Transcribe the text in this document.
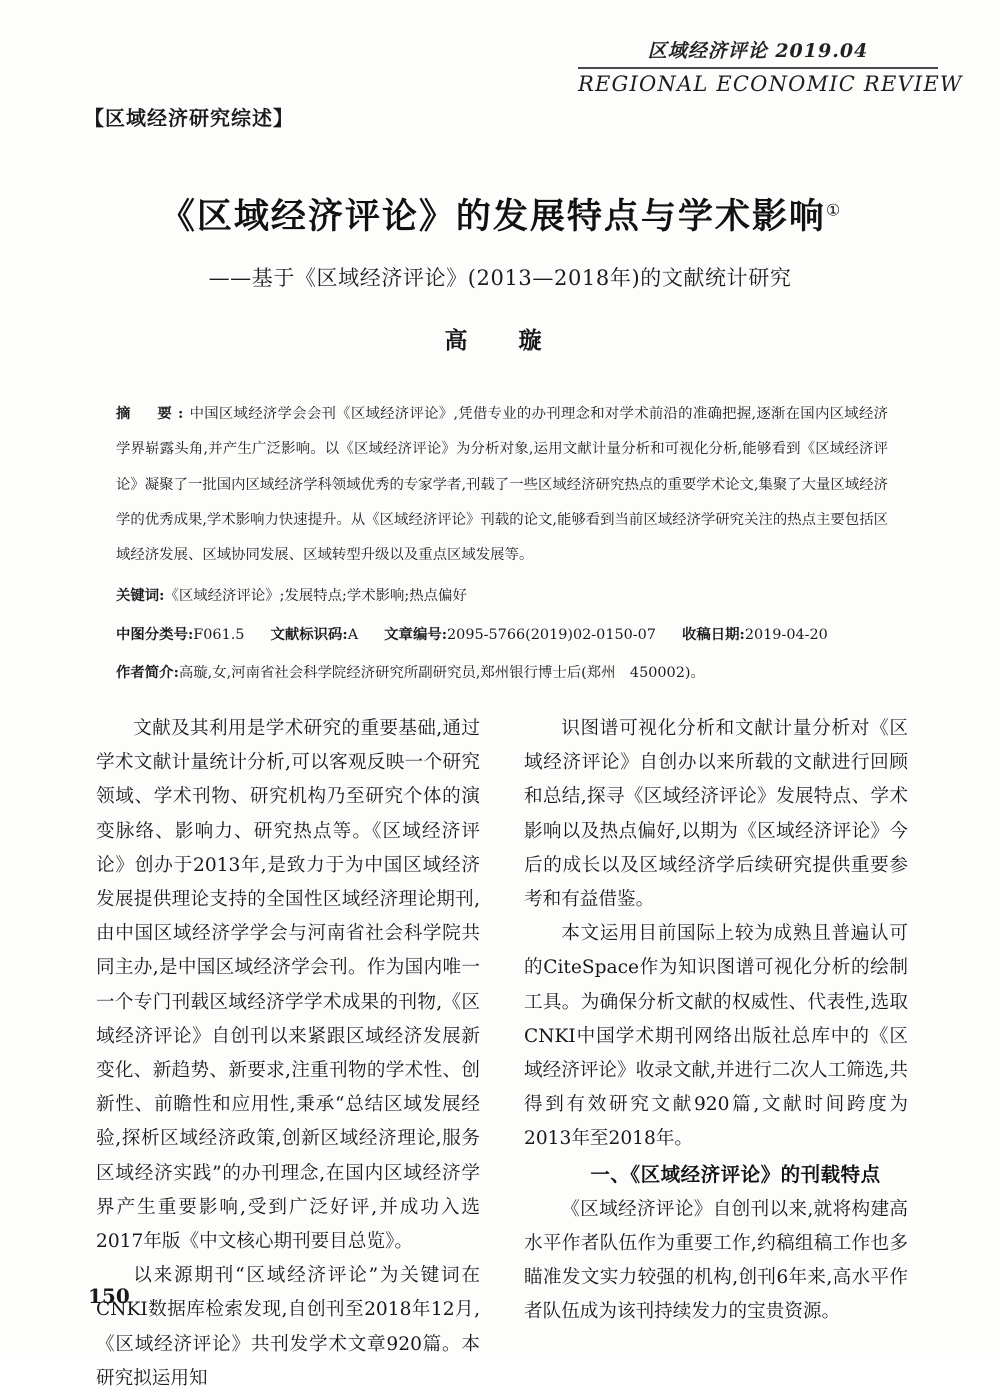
区域经济评论 2019.04
REGIONAL ECONOMIC REVIEW
【区域经济研究综述】
《区域经济评论》的发展特点与学术影响①
——基于《区域经济评论》(2013—2018年)的文献统计研究
高　璇
摘　要:中国区域经济学会会刊《区域经济评论》,凭借专业的办刊理念和对学术前沿的准确把握,逐渐在国内区域经济学界崭露头角,并产生广泛影响。以《区域经济评论》为分析对象,运用文献计量分析和可视化分析,能够看到《区域经济评论》凝聚了一批国内区域经济学科领域优秀的专家学者,刊载了一些区域经济研究热点的重要学术论文,集聚了大量区域经济学的优秀成果,学术影响力快速提升。从《区域经济评论》刊载的论文,能够看到当前区域经济学研究关注的热点主要包括区域经济发展、区域协同发展、区域转型升级以及重点区域发展等。
关键词:《区域经济评论》;发展特点;学术影响;热点偏好
中图分类号:F061.5 文献标识码:A 文章编号:2095-5766(2019)02-0150-07 收稿日期:2019-04-20
作者简介:高璇,女,河南省社会科学院经济研究所副研究员,郑州银行博士后(郑州　450002)。

文献及其利用是学术研究的重要基础,通过学术文献计量统计分析,可以客观反映一个研究领域、学术刊物、研究机构乃至研究个体的演变脉络、影响力、研究热点等。《区域经济评论》创办于2013年,是致力于为中国区域经济发展提供理论支持的全国性区域经济理论期刊,由中国区域经济学学会与河南省社会科学院共同主办,是中国区域经济学会刊。作为国内唯一一个专门刊载区域经济学学术成果的刊物,《区域经济评论》自创刊以来紧跟区域经济发展新变化、新趋势、新要求,注重刊物的学术性、创新性、前瞻性和应用性,秉承“总结区域发展经验,探析区域经济政策,创新区域经济理论,服务区域经济实践”的办刊理念,在国内区域经济学界产生重要影响,受到广泛好评,并成功入选2017年版《中文核心期刊要目总览》。

以来源期刊“区域经济评论”为关键词在CNKI数据库检索发现,自创刊至2018年12月,《区域经济评论》共刊发学术文章920篇。本研究拟运用知

识图谱可视化分析和文献计量分析对《区域经济评论》自创办以来所载的文献进行回顾和总结,探寻《区域经济评论》发展特点、学术影响以及热点偏好,以期为《区域经济评论》今后的成长以及区域经济学后续研究提供重要参考和有益借鉴。

本文运用目前国际上较为成熟且普遍认可的CiteSpace作为知识图谱可视化分析的绘制工具。为确保分析文献的权威性、代表性,选取CNKI中国学术期刊网络出版社总库中的《区域经济评论》收录文献,并进行二次人工筛选,共得到有效研究文献920篇,文献时间跨度为2013年至2018年。

一、《区域经济评论》的刊载特点

《区域经济评论》自创刊以来,就将构建高水平作者队伍作为重要工作,约稿组稿工作也多瞄准发文实力较强的机构,创刊6年来,高水平作者队伍成为该刊持续发力的宝贵资源。

150
